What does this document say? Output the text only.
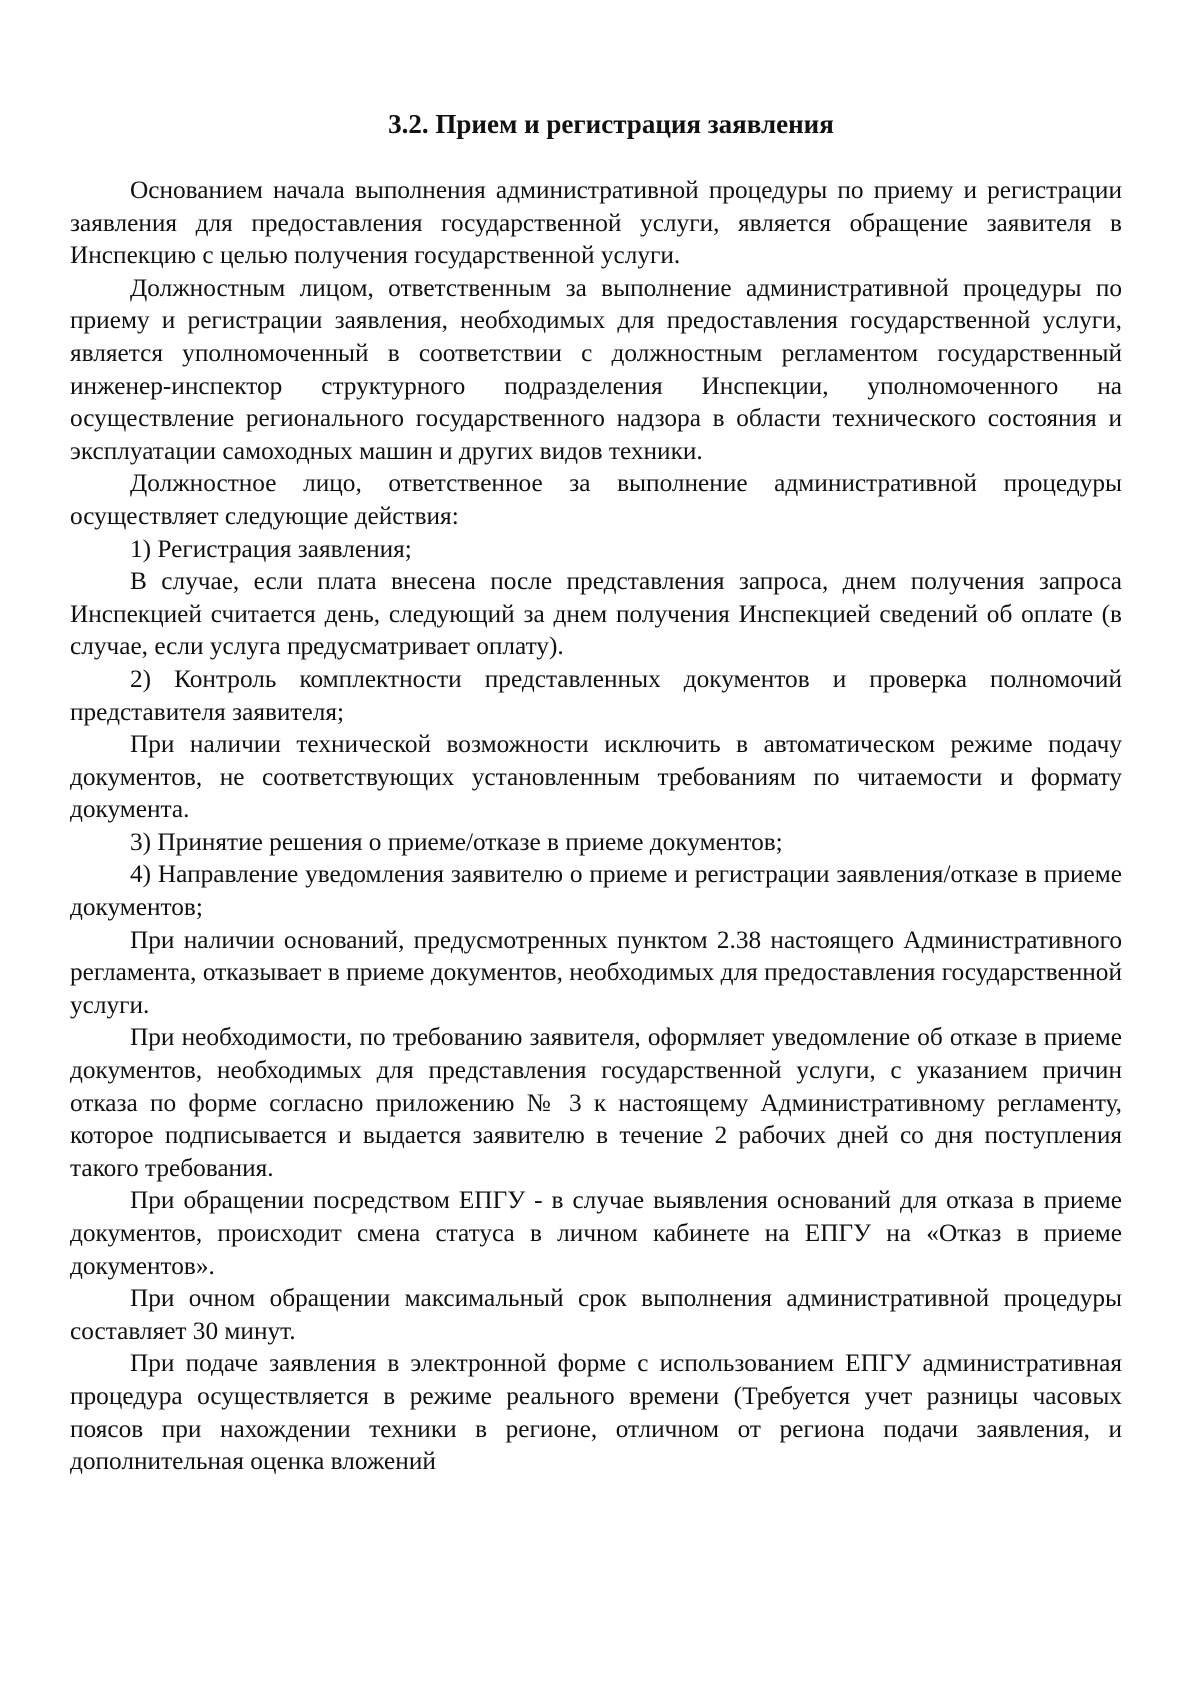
3.2. Прием и регистрация заявления

Основанием начала выполнения административной процедуры по приему и регистрации заявления для предоставления государственной услуги, является обращение заявителя в Инспекцию с целью получения государственной услуги.

Должностным лицом, ответственным за выполнение административной процедуры по приему и регистрации заявления, необходимых для предоставления государственной услуги, является уполномоченный в соответствии с должностным регламентом государственный инженер-инспектор структурного подразделения Инспекции, уполномоченного на осуществление регионального государственного надзора в области технического состояния и эксплуатации самоходных машин и других видов техники.

Должностное лицо, ответственное за выполнение административной процедуры осуществляет следующие действия:

1) Регистрация заявления;

В случае, если плата внесена после представления запроса, днем получения запроса Инспекцией считается день, следующий за днем получения Инспекцией сведений об оплате (в случае, если услуга предусматривает оплату).

2) Контроль комплектности представленных документов и проверка полномочий представителя заявителя;

При наличии технической возможности исключить в автоматическом режиме подачу документов, не соответствующих установленным требованиям по читаемости и формату документа.

3) Принятие решения о приеме/отказе в приеме документов;

4) Направление уведомления заявителю о приеме и регистрации заявления/отказе в приеме документов;

При наличии оснований, предусмотренных пунктом 2.38 настоящего Административного регламента, отказывает в приеме документов, необходимых для предоставления государственной услуги.

При необходимости, по требованию заявителя, оформляет уведомление об отказе в приеме документов, необходимых для представления государственной услуги, с указанием причин отказа по форме согласно приложению № 3 к настоящему Административному регламенту, которое подписывается и выдается заявителю в течение 2 рабочих дней со дня поступления такого требования.

При обращении посредством ЕПГУ - в случае выявления оснований для отказа в приеме документов, происходит смена статуса в личном кабинете на ЕПГУ на «Отказ в приеме документов».

При очном обращении максимальный срок выполнения административной процедуры составляет 30 минут.

При подаче заявления в электронной форме с использованием ЕПГУ административная процедура осуществляется в режиме реального времени (Требуется учет разницы часовых поясов при нахождении техники в регионе, отличном от региона подачи заявления, и дополнительная оценка вложений
